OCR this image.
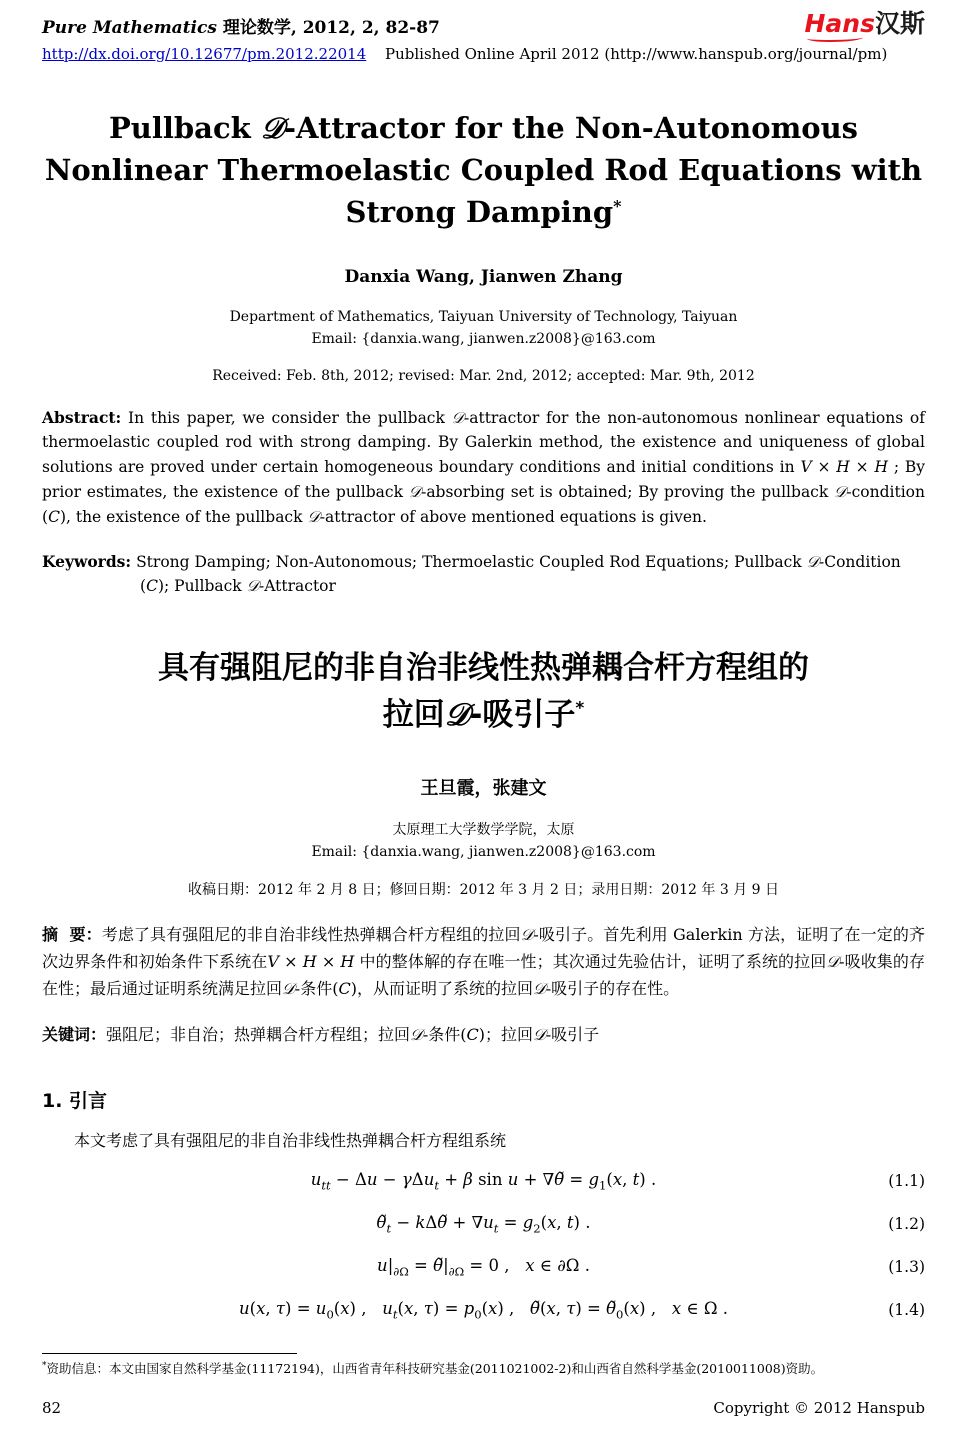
Pure Mathematics 理论数学, 2012, 2, 82-87	Hans汉斯
http://dx.doi.org/10.12677/pm.2012.22014 Published Online April 2012 (http://www.hanspub.org/journal/pm)
Pullback 𝒟-Attractor for the Non-Autonomous
Nonlinear Thermoelastic Coupled Rod Equations with
Strong Damping*
Danxia Wang, Jianwen Zhang
Department of Mathematics, Taiyuan University of Technology, Taiyuan
Email: {danxia.wang, jianwen.z2008}@163.com
Received: Feb. 8th, 2012; revised: Mar. 2nd, 2012; accepted: Mar. 9th, 2012

Abstract: In this paper, we consider the pullback 𝒟-attractor for the non-autonomous nonlinear equations of thermoelastic coupled rod with strong damping. By Galerkin method, the existence and uniqueness of global solutions are proved under certain homogeneous boundary conditions and initial conditions in V × H × H ; By prior estimates, the existence of the pullback 𝒟-absorbing set is obtained; By proving the pullback 𝒟-condition (C), the existence of the pullback 𝒟-attractor of above mentioned equations is given.

Keywords: Strong Damping; Non-Autonomous; Thermoelastic Coupled Rod Equations; Pullback 𝒟-Condition (C); Pullback 𝒟-Attractor

具有强阻尼的非自治非线性热弹耦合杆方程组的
拉回𝒟-吸引子*
王旦霞，张建文
太原理工大学数学学院，太原
Email: {danxia.wang, jianwen.z2008}@163.com
收稿日期：2012 年 2 月 8 日；修回日期：2012 年 3 月 2 日；录用日期：2012 年 3 月 9 日

摘  要：考虑了具有强阻尼的非自治非线性热弹耦合杆方程组的拉回𝒟-吸引子。首先利用 Galerkin 方法，证明了在一定的齐次边界条件和初始条件下系统在V × H × H 中的整体解的存在唯一性；其次通过先验估计，证明了系统的拉回𝒟-吸收集的存在性；最后通过证明系统满足拉回𝒟-条件(C)，从而证明了系统的拉回𝒟-吸引子的存在性。

关键词：强阻尼；非自治；热弹耦合杆方程组；拉回𝒟-条件(C)；拉回𝒟-吸引子

1. 引言

本文考虑了具有强阻尼的非自治非线性热弹耦合杆方程组系统

$u_{tt} - \Delta u - \gamma\Delta u_t + \beta$ sin u + ∇θ̃ = $g_1(x$, t) .	(1.1)
$\thetã_t$ − kΔθ̃ + $\nabla u_t = g_2(x$, t) .	(1.2)
$u|_{\partial\Omega}$ = $\thetã|_{\partial\Omega} = 0$ ,   x ∈ ∂Ω .	(1.3)
u(x, $\tau) = u_0(x)$ ,   $u_t(x$, $\tau) = p_0(x)$ ,   θ̃(x, $\tau) = \thetã_0(x)$ ,   x ∈ Ω .	(1.4)
*资助信息：本文由国家自然科学基金(11172194)，山西省青年科技研究基金(2011021002-2)和山西省自然科学基金(2010011008)资助。
82	Copyright © 2012 Hanspub
